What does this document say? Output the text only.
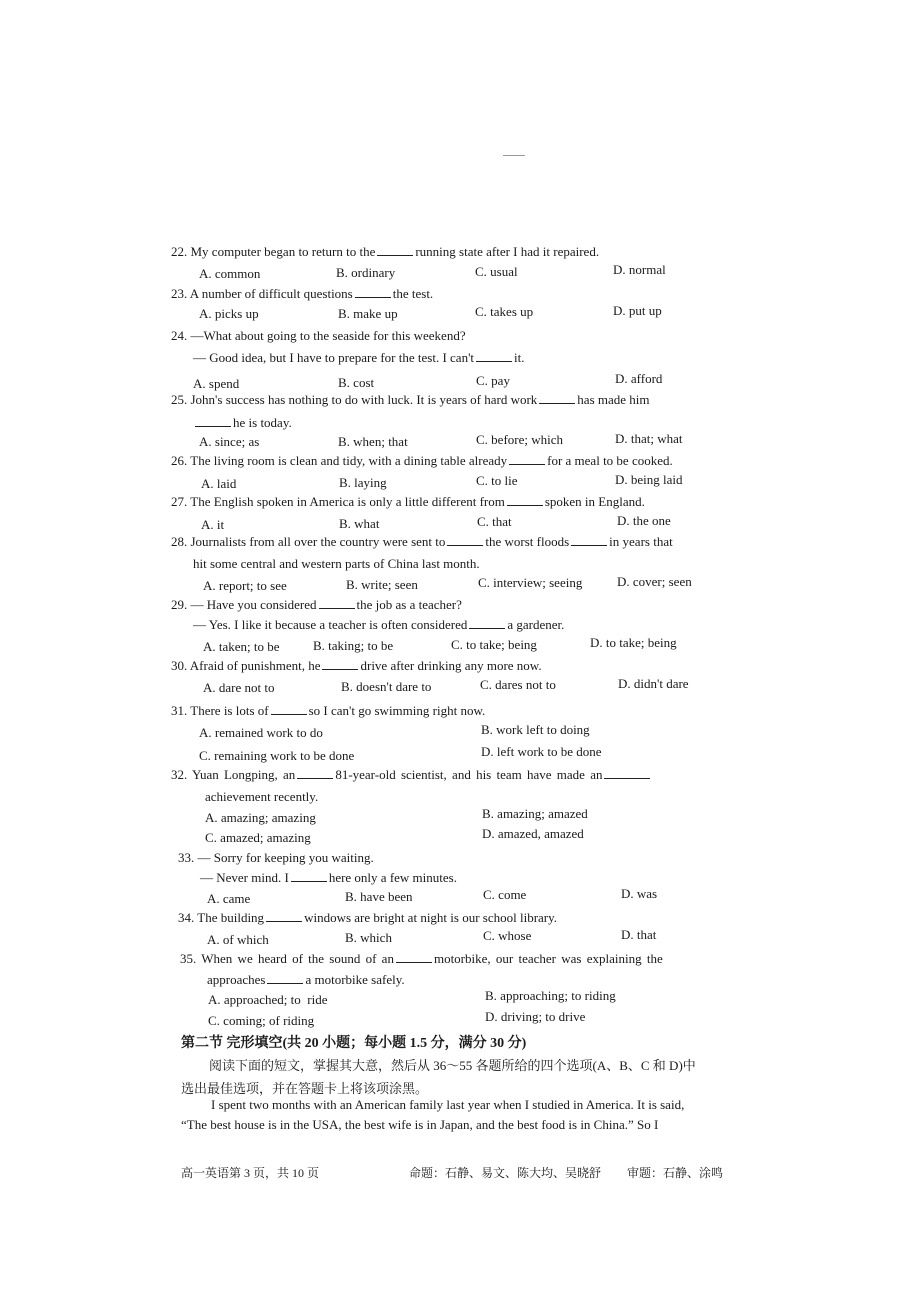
22. My computer began to return to the	running state after I had it repaired.
A. common	B. ordinary	C. usual	D. normal
23. A number of difficult questions	the test.
A. picks up	B. make up	C. takes up	D. put up
24. —What about going to the seaside for this weekend?
— Good idea, but I have to prepare for the test. I can't	it.
A. spend	B. cost	C. pay	D. afford
25. John's success has nothing to do with luck. It is years of hard work	has made him
he is today.
A. since; as	B. when; that	C. before; which	D. that; what
26. The living room is clean and tidy, with a dining table already	for a meal to be cooked.
A. laid	B. laying	C. to lie	D. being laid
27. The English spoken in America is only a little different from	spoken in England.
A. it	B. what	C. that	D. the one
28. Journalists from all over the country were sent to	the worst floods	in years that
hit some central and western parts of China last month.
A. report; to see	B. write; seen	C. interview; seeing	D. cover; seen
29. — Have you considered	the job as a teacher?
— Yes. I like it because a teacher is often considered	a gardener.
A. taken; to be	B. taking; to be	C. to take; being	D. to take; being
30. Afraid of punishment, he	drive after drinking any more now.
A. dare not to	B. doesn't dare to	C. dares not to	D. didn't dare
31. There is lots of	so I can't go swimming right now.
A. remained work to do	B. work left to doing
C. remaining work to be done	D. left work to be done
32. Yuan Longping, an	81-year-old scientist, and his team have made an
achievement recently.
A. amazing; amazing	B. amazing; amazed
C. amazed; amazing	D. amazed, amazed
33. — Sorry for keeping you waiting.
— Never mind. I	here only a few minutes.
A. came	B. have been	C. come	D. was
34. The building	windows are bright at night is our school library.
A. of which	B. which	C. whose	D. that
35. When we heard of the sound of an	motorbike, our teacher was explaining the
approaches	a motorbike safely.
A. approached; to  ride	B. approaching; to riding
C. coming; of riding	D. driving; to drive
第二节 完形填空(共 20 小题；每小题 1.5 分，满分 30 分)
阅读下面的短文，掌握其大意，然后从 36～55 各题所给的四个选项(A、B、C 和 D)中
选出最佳选项，并在答题卡上将该项涂黑。
I spent two months with an American family last year when I studied in America. It is said,
“The best house is in the USA, the best wife is in Japan, and the best food is in China.” So I
高一英语第 3 页，共 10 页	命题：石静、易文、陈大均、吴晓舒 审题：石静、涂鸣
